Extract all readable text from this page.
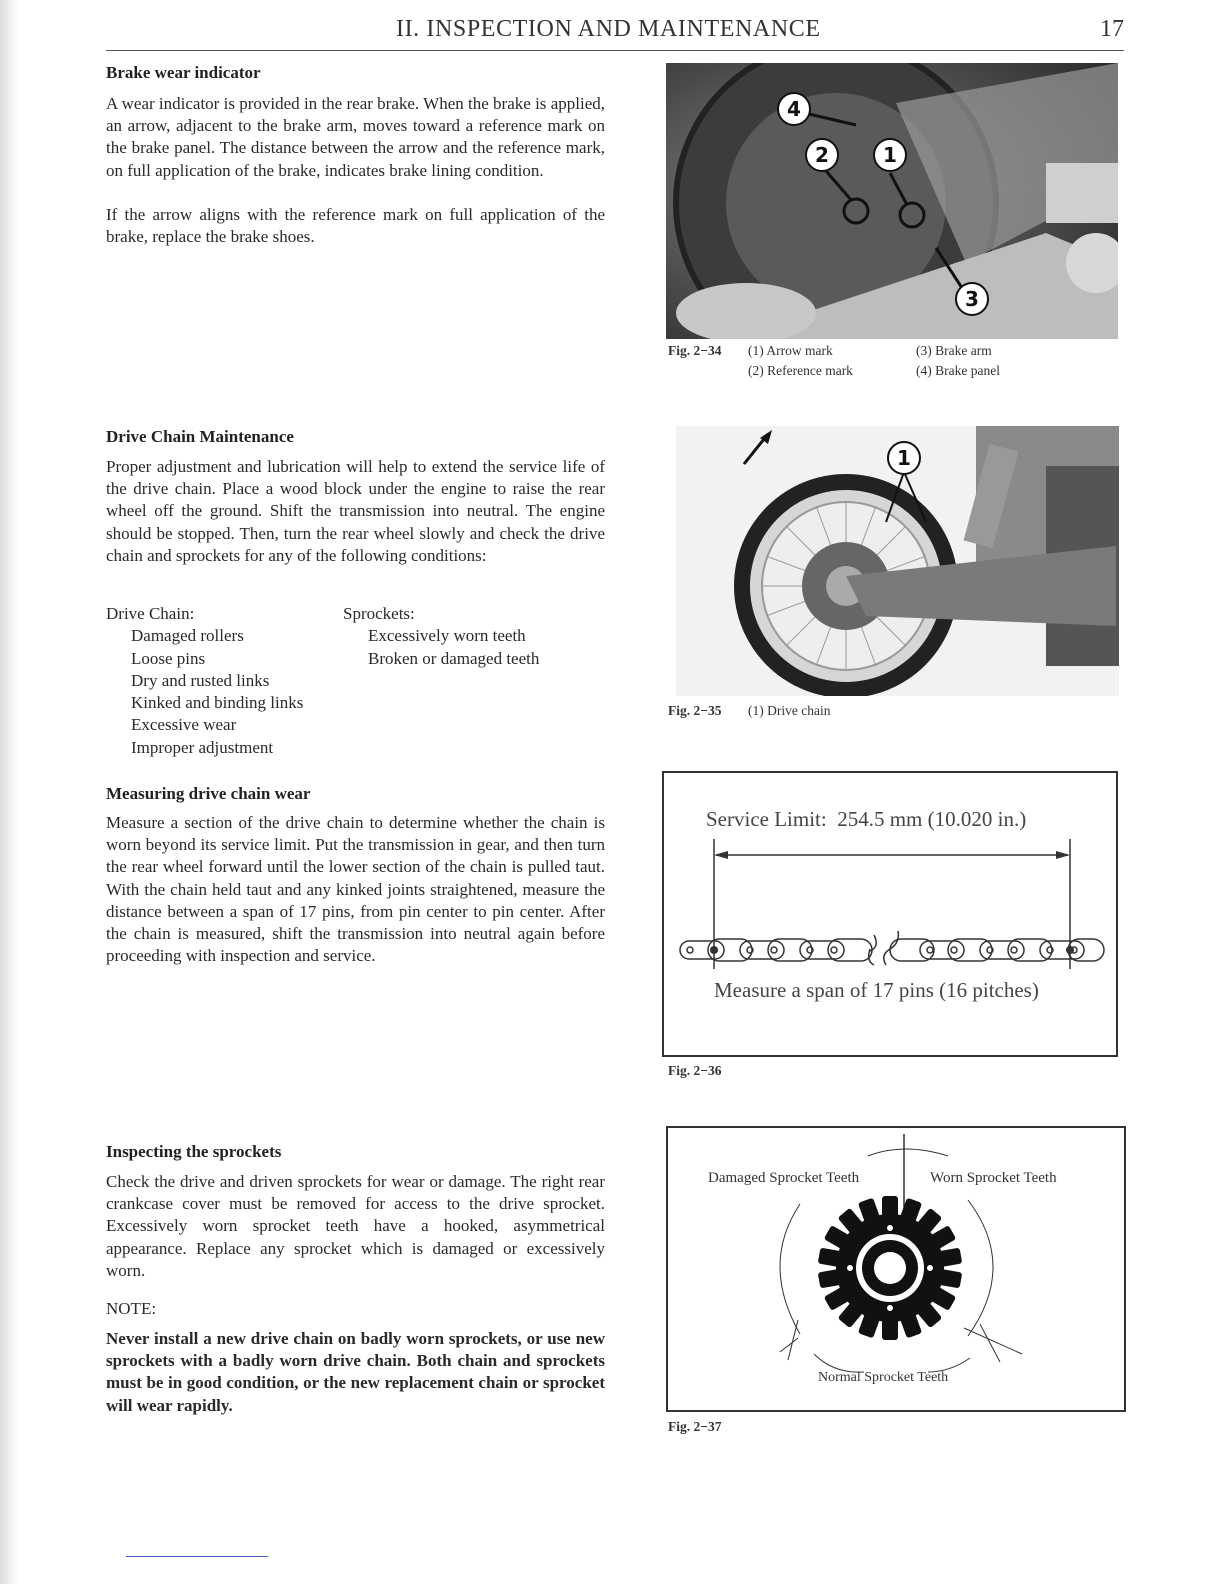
II. INSPECTION AND MAINTENANCE	17
Brake wear indicator

A wear indicator is provided in the rear brake. When the brake is applied, an arrow, adjacent to the brake arm, moves toward a reference mark on the brake panel. The distance between the arrow and the reference mark, on full application of the brake, indicates brake lining condition.

If the arrow aligns with the reference mark on full application of the brake, replace the brake shoes.

4
2	1
3
Fig. 2−34 (1) Arrow mark
(2) Reference mark
(3) Brake arm
(4) Brake panel
Drive Chain Maintenance

Proper adjustment and lubrication will help to extend the service life of the drive chain. Place a wood block under the engine to raise the rear wheel off the ground. Shift the transmission into neutral. The engine should be stopped. Then, turn the rear wheel slowly and check the drive chain and sprockets for any of the following conditions:

Drive Chain:
Damaged rollers
Loose pins
Dry and rusted links
Kinked and binding links
Excessive wear
Improper adjustment
Sprockets:
Excessively worn teeth
Broken or damaged teeth
1
Fig. 2−35 (1) Drive chain
Measuring drive chain wear

Measure a section of the drive chain to determine whether the chain is worn beyond its service limit. Put the transmission in gear, and then turn the rear wheel forward until the lower section of the chain is pulled taut. With the chain held taut and any kinked joints straightened, measure the distance between a span of 17 pins, from pin center to pin center. After the chain is measured, shift the transmission into neutral again before proceeding with inspection and service.

Service Limit:  254.5 mm (10.020 in.)
Measure a span of 17 pins (16 pitches)
Fig. 2−36
Inspecting the sprockets

Check the drive and driven sprockets for wear or damage. The right rear crankcase cover must be removed for access to the drive sprocket. Excessively worn sprocket teeth have a hooked, asymmetrical appearance. Replace any sprocket which is damaged or excessively worn.

NOTE:

Never install a new drive chain on badly worn sprockets, or use new sprockets with a badly worn drive chain. Both chain and sprockets must be in good condition, or the new replacement chain or sprocket will wear rapidly.

Damaged Sprocket Teeth	Worn Sprocket Teeth
Normal Sprocket Teeth
Fig. 2−37
